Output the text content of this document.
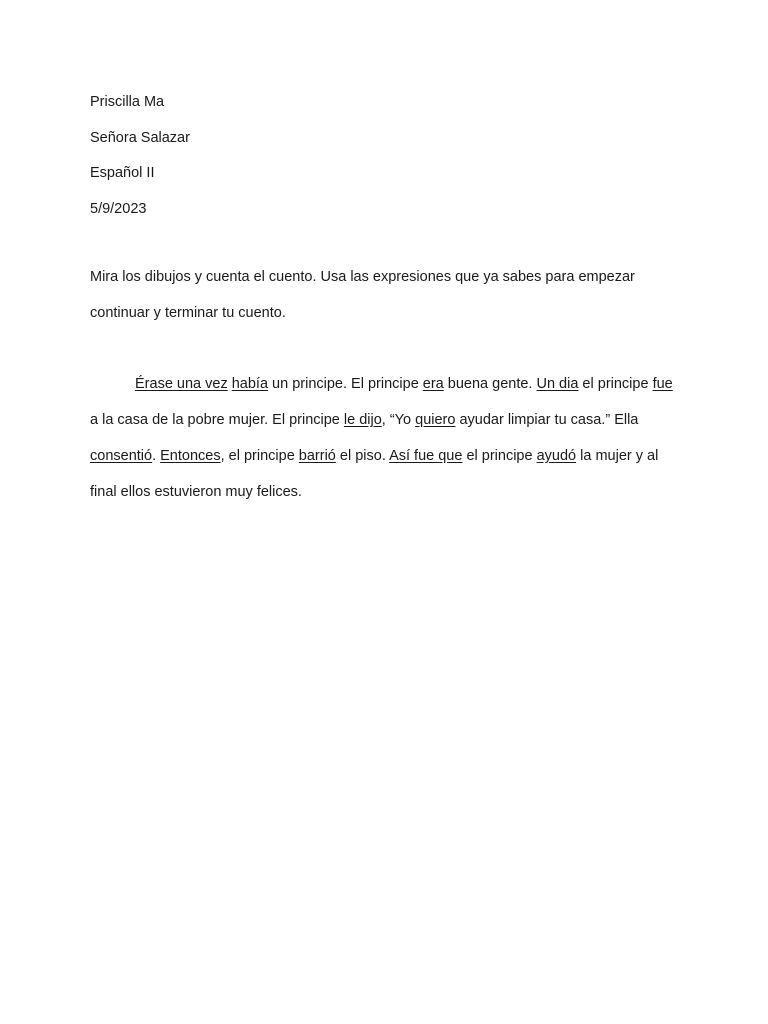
Priscilla Ma
Señora Salazar
Español II
5/9/2023
Mira los dibujos y cuenta el cuento. Usa las expresiones que ya sabes para empezar continuar y terminar tu cuento.
Érase una vez había un principe. El principe era buena gente. Un dia el principe fue a la casa de la pobre mujer. El principe le dijo, “Yo quiero ayudar limpiar tu casa.” Ella consentió. Entonces, el principe barrió el piso. Así fue que el principe ayudó la mujer y al final ellos estuvieron muy felices.
